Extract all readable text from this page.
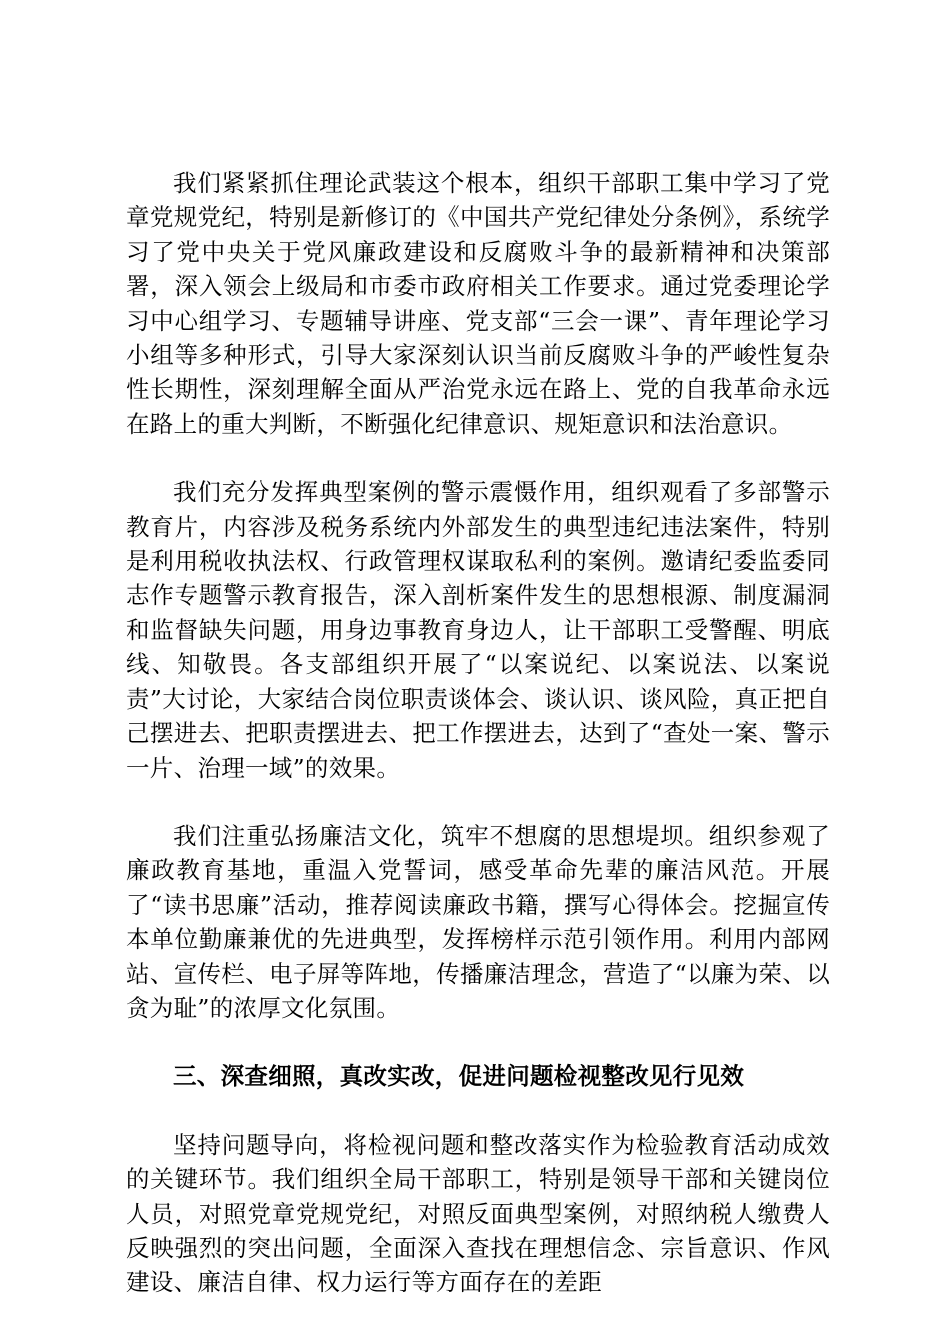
我们紧紧抓住理论武装这个根本，组织干部职工集中学习了党章党规党纪，特别是新修订的《中国共产党纪律处分条例》，系统学习了党中央关于党风廉政建设和反腐败斗争的最新精神和决策部署，深入领会上级局和市委市政府相关工作要求。通过党委理论学习中心组学习、专题辅导讲座、党支部“三会一课”、青年理论学习小组等多种形式，引导大家深刻认识当前反腐败斗争的严峻性复杂性长期性，深刻理解全面从严治党永远在路上、党的自我革命永远在路上的重大判断，不断强化纪律意识、规矩意识和法治意识。

我们充分发挥典型案例的警示震慑作用，组织观看了多部警示教育片，内容涉及税务系统内外部发生的典型违纪违法案件，特别是利用税收执法权、行政管理权谋取私利的案例。邀请纪委监委同志作专题警示教育报告，深入剖析案件发生的思想根源、制度漏洞和监督缺失问题，用身边事教育身边人，让干部职工受警醒、明底线、知敬畏。各支部组织开展了“以案说纪、以案说法、以案说责”大讨论，大家结合岗位职责谈体会、谈认识、谈风险，真正把自己摆进去、把职责摆进去、把工作摆进去，达到了“查处一案、警示一片、治理一域”的效果。

我们注重弘扬廉洁文化，筑牢不想腐的思想堤坝。组织参观了廉政教育基地，重温入党誓词，感受革命先辈的廉洁风范。开展了“读书思廉”活动，推荐阅读廉政书籍，撰写心得体会。挖掘宣传本单位勤廉兼优的先进典型，发挥榜样示范引领作用。利用内部网站、宣传栏、电子屏等阵地，传播廉洁理念，营造了“以廉为荣、以贪为耻”的浓厚文化氛围。

三、深查细照，真改实改，促进问题检视整改见行见效

坚持问题导向，将检视问题和整改落实作为检验教育活动成效的关键环节。我们组织全局干部职工，特别是领导干部和关键岗位人员，对照党章党规党纪，对照反面典型案例，对照纳税人缴费人反映强烈的突出问题，全面深入查找在理想信念、宗旨意识、作风建设、廉洁自律、权力运行等方面存在的差距
